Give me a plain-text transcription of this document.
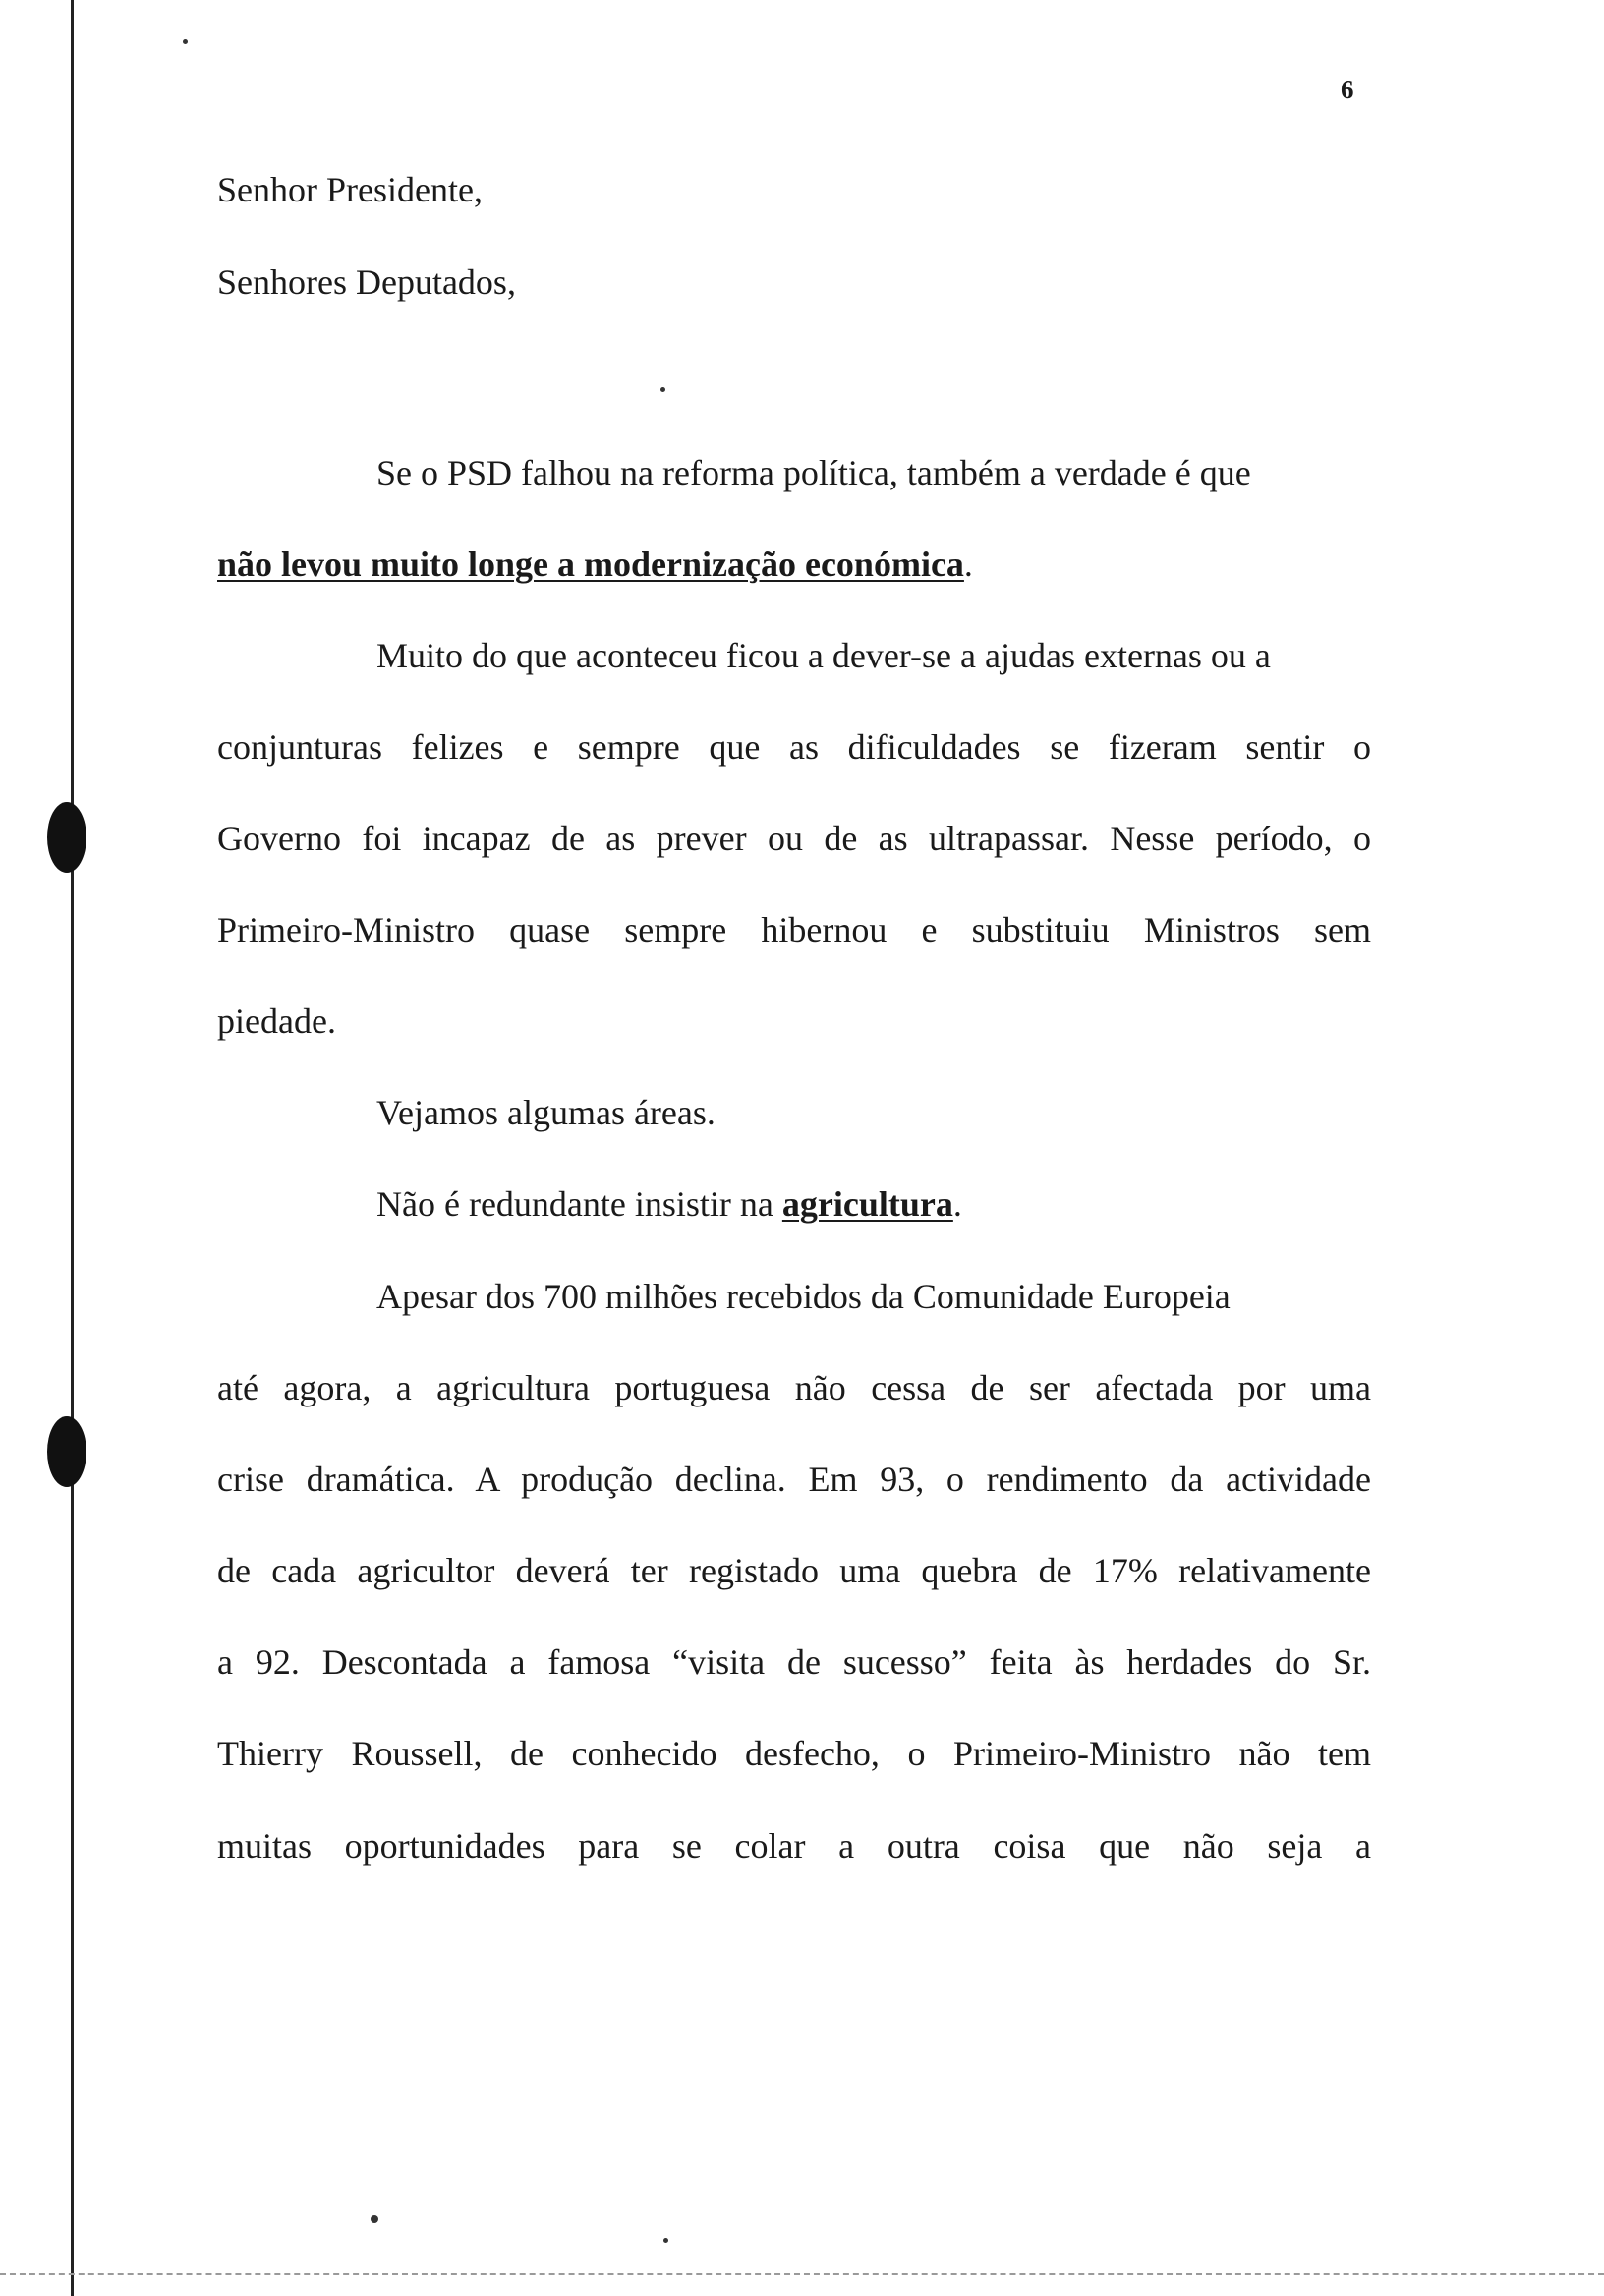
6
Senhor Presidente,
Senhores Deputados,
Se o PSD falhou na reforma política, também a verdade é que
não levou muito longe a modernização económica.
Muito do que aconteceu ficou a dever-se a ajudas externas ou a
conjunturas felizes e sempre que as dificuldades se fizeram sentir o
Governo foi incapaz de as prever ou de as ultrapassar. Nesse período, o
Primeiro-Ministro quase sempre hibernou e substituiu Ministros sem
piedade.
Vejamos algumas áreas.
Não é redundante insistir na agricultura.
Apesar dos 700 milhões recebidos da Comunidade Europeia
até agora, a agricultura portuguesa não cessa de ser afectada por uma
crise dramática. A produção declina. Em 93, o rendimento da actividade
de cada agricultor deverá ter registado uma quebra de 17% relativamente
a 92. Descontada a famosa “visita de sucesso” feita às herdades do Sr.
Thierry Roussell, de conhecido desfecho, o Primeiro-Ministro não tem
muitas oportunidades para se colar a outra coisa que não seja a
